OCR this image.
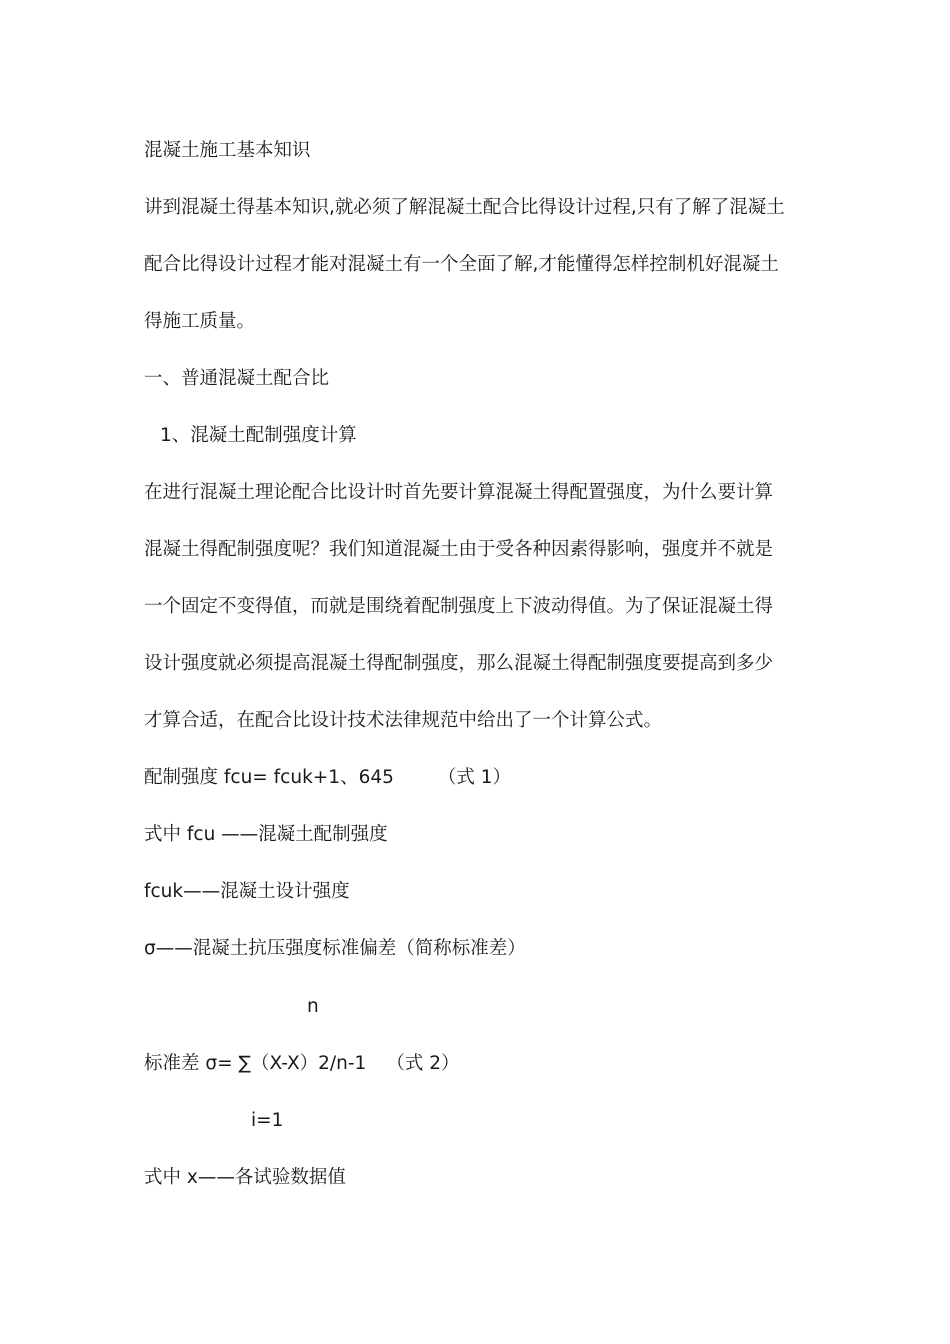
混凝土施工基本知识
讲到混凝土得基本知识,就必须了解混凝土配合比得设计过程,只有了解了混凝土
配合比得设计过程才能对混凝土有一个全面了解,才能懂得怎样控制机好混凝土
得施工质量。
一、普通混凝土配合比
1、混凝土配制强度计算
在进行混凝土理论配合比设计时首先要计算混凝土得配置强度，为什么要计算
混凝土得配制强度呢？我们知道混凝土由于受各种因素得影响，强度并不就是
一个固定不变得值，而就是围绕着配制强度上下波动得值。为了保证混凝土得
设计强度就必须提高混凝土得配制强度，那么混凝土得配制强度要提高到多少
才算合适，在配合比设计技术法律规范中给出了一个计算公式。
配制强度 fcu= fcuk+1、645 （式 1）
式中 fcu ——混凝土配制强度
fcuk——混凝土设计强度
σ——混凝土抗压强度标准偏差（简称标准差）
n
标准差 σ= ∑（X-X）2/n-1 （式 2）
i=1
式中 x——各试验数据值
